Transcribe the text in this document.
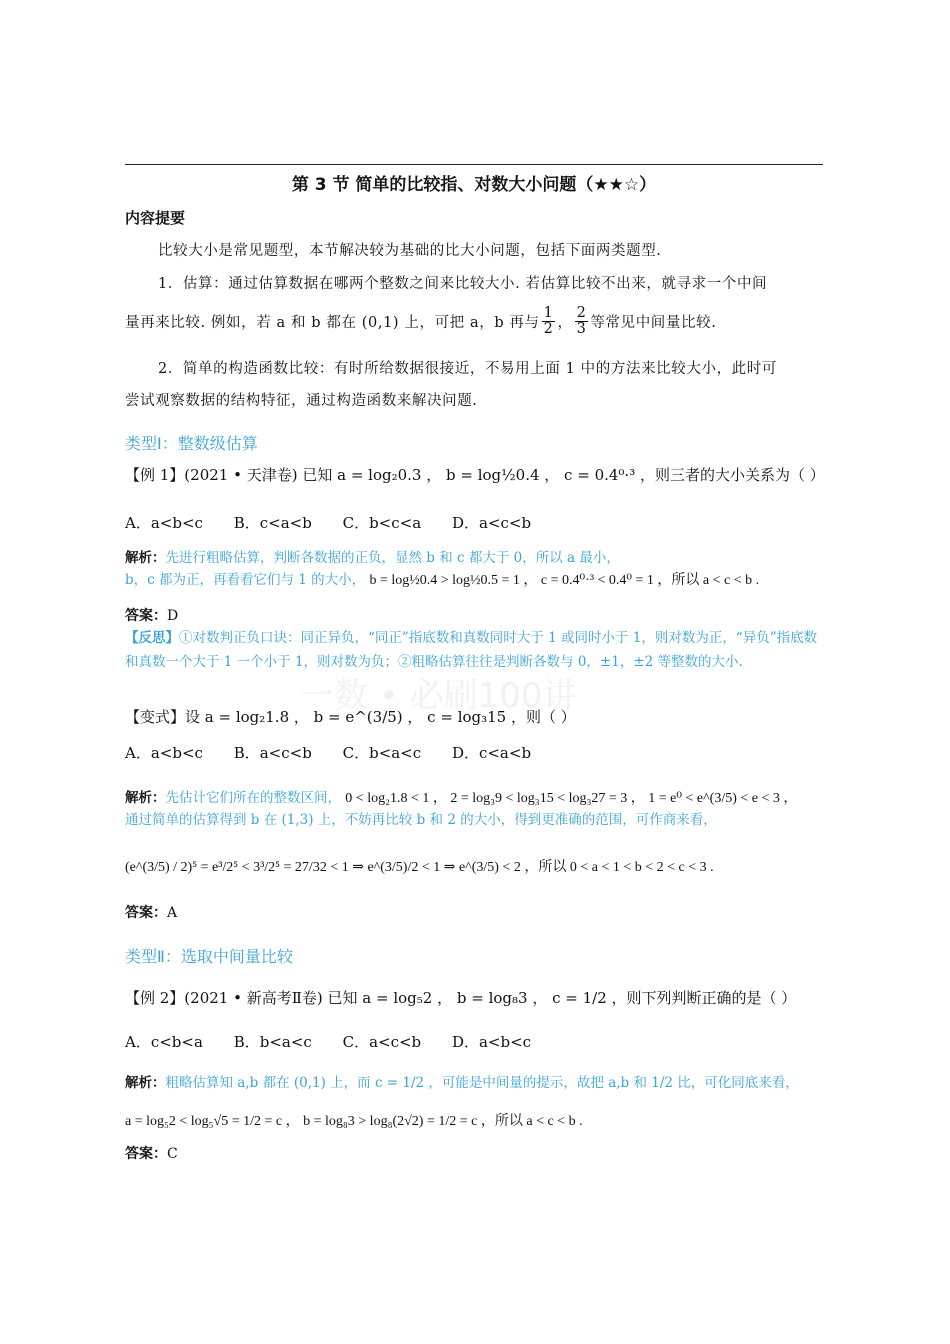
第 3 节 简单的比较指、对数大小问题（★★☆）
内容提要
比较大小是常见题型，本节解决较为基础的比大小问题，包括下面两类题型.
1．估算：通过估算数据在哪两个整数之间来比较大小. 若估算比较不出来，就寻求一个中间
量再来比较. 例如，若 a 和 b 都在 (0,1) 上，可把 a，b 再与 $\frac{1}{2}$ ， $\frac{2}{3}$ 等常见中间量比较.
2．简单的构造函数比较：有时所给数据很接近，不易用上面 1 中的方法来比较大小，此时可
尝试观察数据的结构特征，通过构造函数来解决问题.
类型Ⅰ：整数级估算
【例 1】(2021 • 天津卷) 已知 a = log₂0.3 ， b = log½0.4 ， c = 0.4⁰·³ ，则三者的大小关系为（ ）
A．a<b<c B．c<a<b C．b<c<a D．a<c<b
解析：先进行粗略估算，判断各数据的正负，显然 b 和 c 都大于 0，所以 a 最小，
b，c 都为正，再看看它们与 1 的大小， b = log½0.4 > log½0.5 = 1 ， c = 0.4⁰·³ < 0.4⁰ = 1 ，所以 a < c < b .
答案：D
【反思】①对数判正负口诀：同正异负，“同正”指底数和真数同时大于 1 或同时小于 1，则对数为正，“异负”指底数和真数一个大于 1 一个小于 1，则对数为负；②粗略估算往往是判断各数与 0，±1，±2 等整数的大小.
一数 • 必刷100讲
【变式】设 a = log₂1.8 ， b = e^(3/5) ， c = log₃15 ，则（ ）
A．a<b<c B．a<c<b C．b<a<c D．c<a<b
解析：先估计它们所在的整数区间， 0 < log₂1.8 < 1 ， 2 = log₃9 < log₃15 < log₃27 = 3 ， 1 = e⁰ < e^(3/5) < e < 3 ，
通过简单的估算得到 b 在 (1,3) 上，不妨再比较 b 和 2 的大小，得到更准确的范围，可作商来看，
(e^(3/5) / 2)⁵ = e³/2⁵ < 3³/2⁵ = 27/32 < 1 ⇒ e^(3/5)/2 < 1 ⇒ e^(3/5) < 2 ，所以 0 < a < 1 < b < 2 < c < 3 .
答案：A
类型Ⅱ：选取中间量比较
【例 2】(2021 • 新高考Ⅱ卷) 已知 a = log₅2 ， b = log₈3 ， c = 1/2 ，则下列判断正确的是（ ）
A．c<b<a B．b<a<c C．a<c<b D．a<b<c
解析：粗略估算知 a,b 都在 (0,1) 上，而 c = 1/2 ，可能是中间量的提示，故把 a,b 和 1/2 比，可化同底来看，
a = log₅2 < log₅√5 = 1/2 = c ， b = log₈3 > log₈(2√2) = 1/2 = c ，所以 a < c < b .
答案：C
